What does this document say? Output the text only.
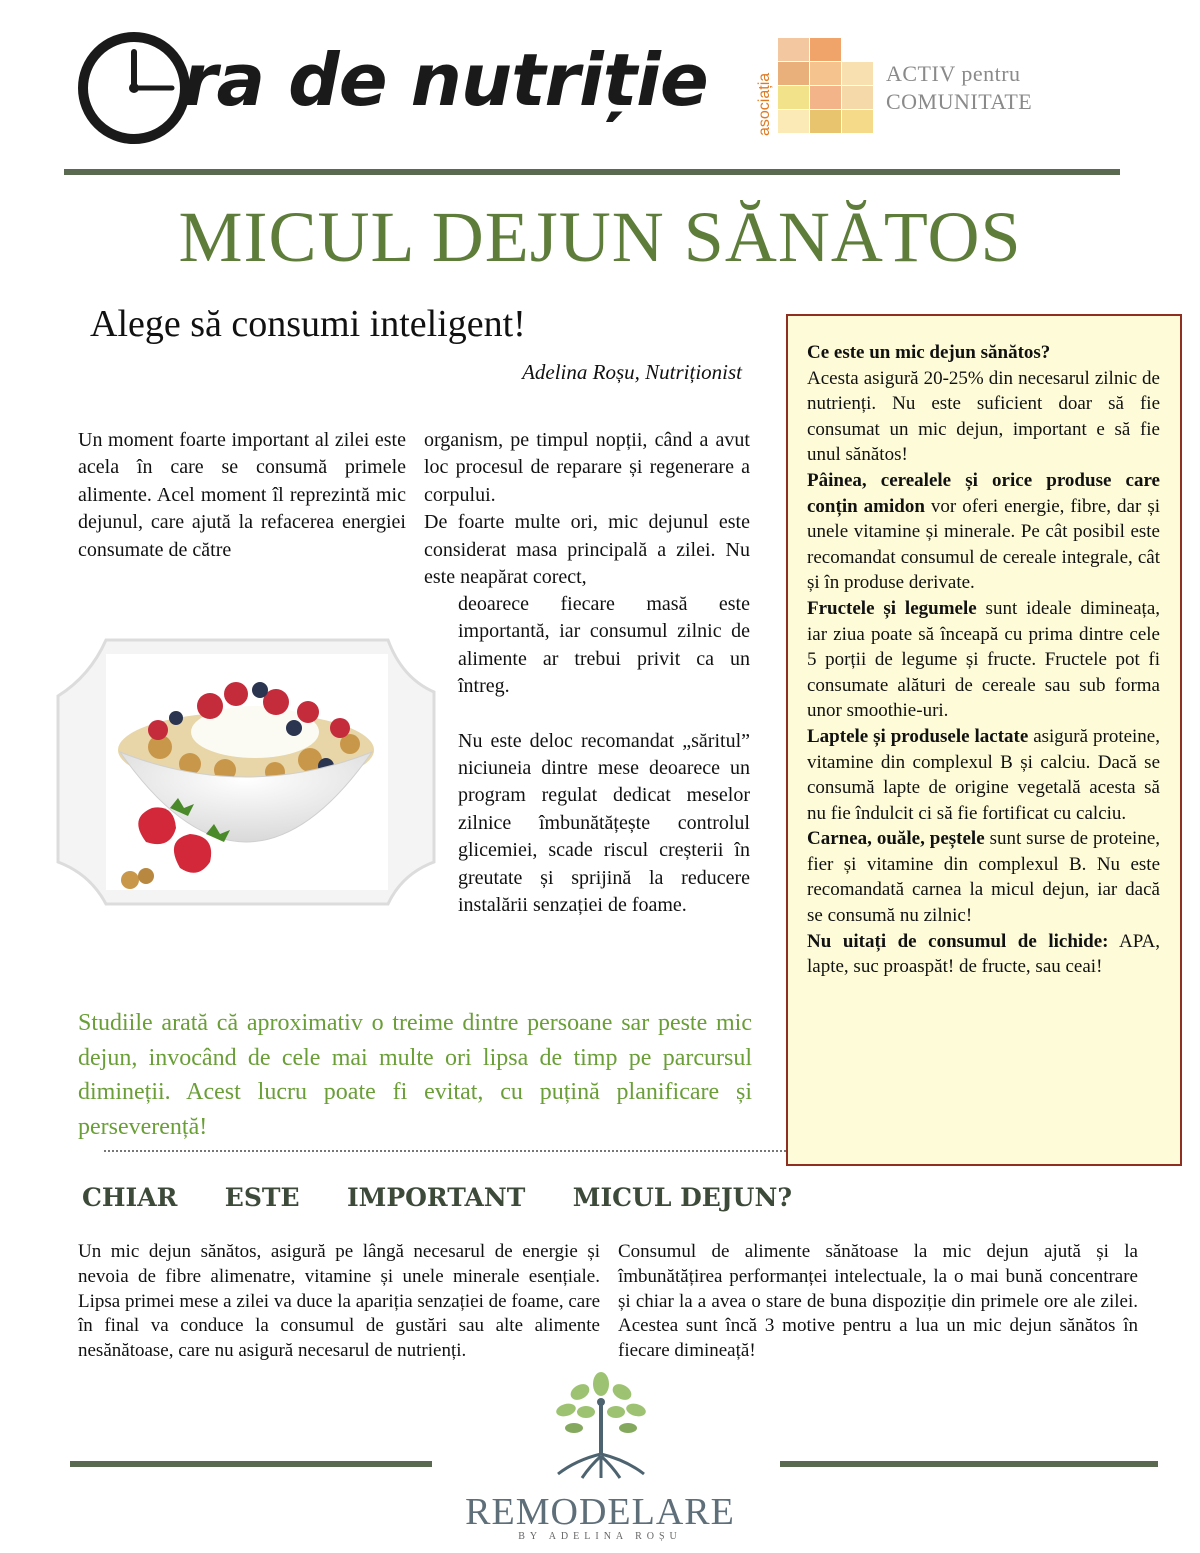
ra de nutriție	asociația	ACTIV pentru
COMUNITATE
MICUL DEJUN SĂNĂTOS
Alege să consumi inteligent!
Adelina Roșu, Nutriționist

Un moment foarte important al zilei este acela în care se consumă primele alimente. Acel moment îl reprezintă mic dejunul, care ajută la refacerea energiei consumate de către

organism, pe timpul nopții, când a avut loc procesul de reparare și regenerare a corpului.

De foarte multe ori, mic dejunul este considerat masa principală a zilei. Nu este neapărat corect,

deoarece fiecare masă este importantă, iar consumul zilnic de alimente ar trebui privit ca un întreg.

Nu este deloc recomandat „săritul” niciuneia dintre mese deoarece un program regulat dedicat meselor zilnice îmbunătățește controlul glicemiei, scade riscul creșterii în greutate și sprijină la reducere instalării senzației de foame.

Studiile arată că aproximativ o treime dintre persoane sar peste mic dejun, invocând de cele mai multe ori lipsa de timp pe parcursul dimineții. Acest lucru poate fi evitat, cu puțină planificare și perseverență!

Ce este un mic dejun sănătos?

Acesta asigură 20-25% din necesarul zilnic de nutrienți. Nu este suficient doar să fie consumat un mic dejun, important e să fie unul sănătos!

Pâinea, cerealele și orice produse care conțin amidon vor oferi energie, fibre, dar și unele vitamine și minerale. Pe cât posibil este recomandat consumul de cereale integrale, cât și în produse derivate.

Fructele și legumele sunt ideale dimineața, iar ziua poate să înceapă cu prima dintre cele 5 porții de legume și fructe. Fructele pot fi consumate alături de cereale sau sub forma unor smoothie-uri.

Laptele și produsele lactate asigură proteine, vitamine din complexul B și calciu. Dacă se consumă lapte de origine vegetală acesta să nu fie îndulcit ci să fie fortificat cu calciu.

Carnea, ouăle, peștele sunt surse de proteine, fier și vitamine din complexul B. Nu este recomandată carnea la micul dejun, iar dacă se consumă nu zilnic!

Nu uitați de consumul de lichide: APA, lapte, suc proaspăt! de fructe, sau ceai!

CHIAR ESTE IMPORTANT MICUL DEJUN?
Un mic dejun sănătos, asigură pe lângă necesarul de energie și nevoia de fibre alimenatre, vitamine și unele minerale esențiale. Lipsa primei mese a zilei va duce la apariția senzației de foame, care în final va conduce la consumul de gustări sau alte alimente nesănătoase, care nu asigură necesarul de nutrienți.
Consumul de alimente sănătoase la mic dejun ajută și la îmbunătățirea performanței intelectuale, la o mai bună concentrare și chiar la a avea o stare de buna dispoziție din primele ore ale zilei. Acestea sunt încă 3 motive pentru a lua un mic dejun sănătos în fiecare dimineață!
REMODELARE
BY ADELINA ROȘU
